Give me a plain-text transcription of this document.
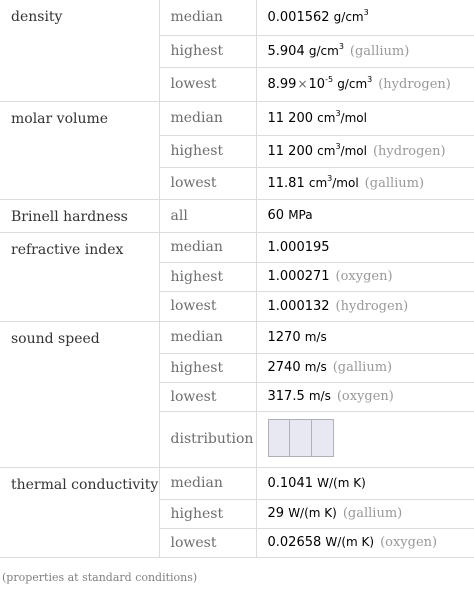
density	median	0.001562 $g/cm^3$
	highest	5.904 $g/cm^3$ (gallium)
	lowest	$8.99\times 10^{-5}$ $g/cm^3$ (hydrogen)
molar volume	median	11 200 $cm^3$/mol
	highest	11 200 $cm^3$/mol (hydrogen)
	lowest	11.81 $cm^3$/mol (gallium)
Brinell hardness	all	60 MPa
refractive index	median	1.000195
	highest	1.000271 (oxygen)
	lowest	1.000132 (hydrogen)
sound speed	median	1270 m/s
	highest	2740 m/s (gallium)
	lowest	317.5 m/s (oxygen)
	distribution	

thermal conductivity	median	0.1041 W/(m K)
	highest	29 W/(m K) (gallium)
	lowest	0.02658 W/(m K) (oxygen)
(properties at standard conditions)
